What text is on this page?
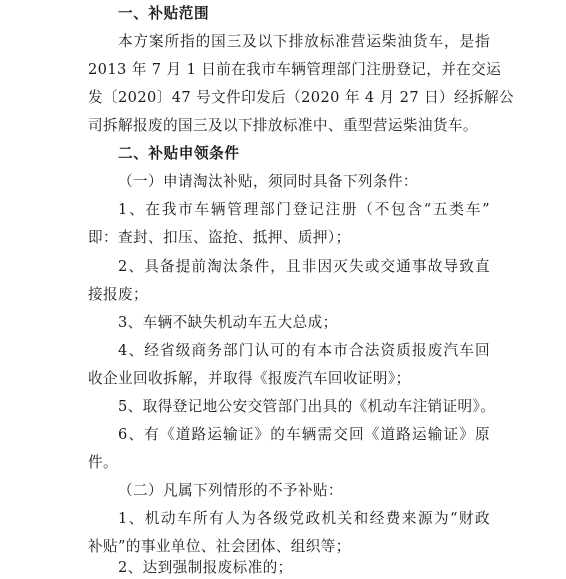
一、补贴范围
本方案所指的国三及以下排放标准营运柴油货车，是指
2013 年 7 月 1 日前在我市车辆管理部门注册登记，并在交运
发〔2020〕47 号文件印发后（2020 年 4 月 27 日）经拆解公
司拆解报废的国三及以下排放标准中、重型营运柴油货车。
二、补贴申领条件
（一）申请淘汰补贴，须同时具备下列条件：
1、在我市车辆管理部门登记注册（不包含“五类车”
即：查封、扣压、盗抢、抵押、质押）；
2、具备提前淘汰条件，且非因灭失或交通事故导致直
接报废；
3、车辆不缺失机动车五大总成；
4、经省级商务部门认可的有本市合法资质报废汽车回
收企业回收拆解，并取得《报废汽车回收证明》；
5、取得登记地公安交管部门出具的《机动车注销证明》。
6、有《道路运输证》的车辆需交回《道路运输证》原
件。
（二）凡属下列情形的不予补贴：
1、机动车所有人为各级党政机关和经费来源为“财政
补贴”的事业单位、社会团体、组织等；
2、达到强制报废标准的；
